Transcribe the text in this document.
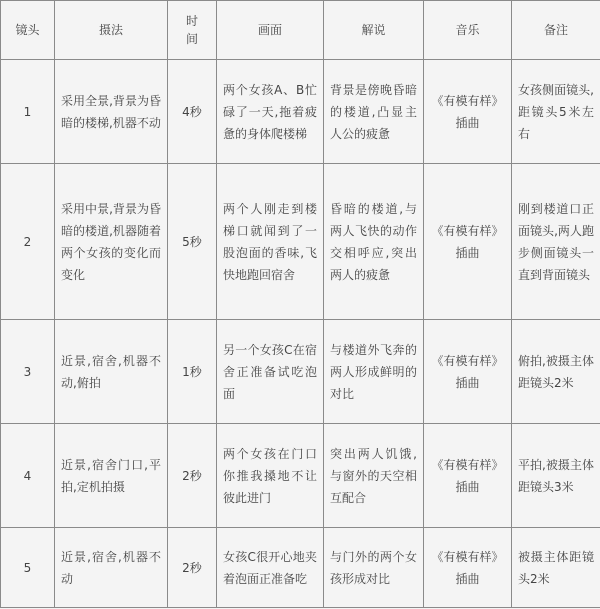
镜头	摄法	时间	画面	解说	音乐	备注
1	采用全景,背景为昏暗的楼梯,机器不动	4秒	两个女孩A、B忙碌了一天,拖着疲惫的身体爬楼梯	背景是傍晚昏暗的楼道,凸显主人公的疲惫	《有模有样》插曲	女孩侧面镜头,距镜头5米左右
2	采用中景,背景为昏暗的楼道,机器随着两个女孩的变化而变化	5秒	两个人刚走到楼梯口就闻到了一股泡面的香味,飞快地跑回宿舍	昏暗的楼道,与两人飞快的动作交相呼应,突出两人的疲惫	《有模有样》插曲	刚到楼道口正面镜头,两人跑步侧面镜头一直到背面镜头
3	近景,宿舍,机器不动,俯拍	1秒	另一个女孩C在宿舍正准备试吃泡面	与楼道外飞奔的两人形成鲜明的对比	《有模有样》插曲	俯拍,被摄主体距镜头2米
4	近景,宿舍门口,平拍,定机拍摄	2秒	两个女孩在门口你推我搡地不让彼此进门	突出两人饥饿,与窗外的天空相互配合	《有模有样》插曲	平拍,被摄主体距镜头3米
5	近景,宿舍,机器不动	2秒	女孩C很开心地夹着泡面正准备吃	与门外的两个女孩形成对比	《有模有样》插曲	被摄主体距镜头2米
